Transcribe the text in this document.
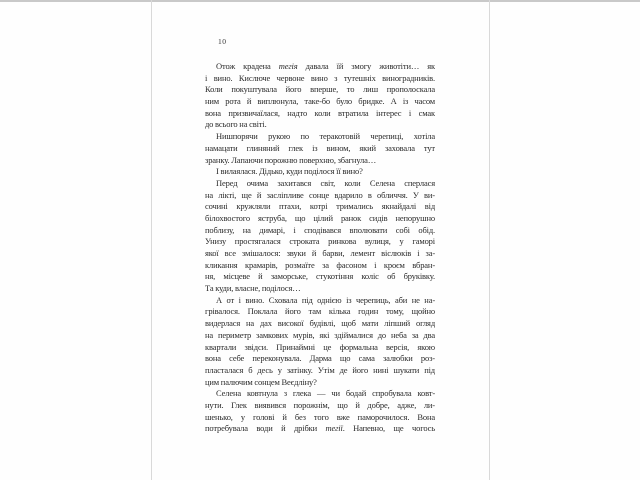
10
Отож крадена тегія давала їй змогу животіти… як
і вино. Кислюче червоне вино з тутешніх виноградників.
Коли покуштувала його вперше, то лиш прополоскала
ним рота й виплюнула, таке-бо було бридке. А із часом
вона призвичаїлася, надто коли втратила інтерес і смак
до всього на світі.
Нишпорячи рукою по теракотовій черепиці, хотіла
намацати глиняний глек із вином, який заховала тут
зранку. Лапаючи порожню поверхню, збагнула…
І вилаялася. Дідько, куди поділося її вино?
Перед очима захитався світ, коли Селена сперлася
на лікті, ще й засліпливе сонце вдарило в обличчя. У ви-
сочині кружляли птахи, котрі тримались якнайдалі від
білохвостого яструба, що цілий ранок сидів непорушно
поблизу, на димарі, і сподівався вполювати собі обід.
Унизу простягалася строката ринкова вулиця, у гаморі
якої все змішалося: звуки й барви, лемент віслюків і за-
кликання крамарів, розмаїте за фасоном і кроєм вбран-
ня, місцеве й заморське, стукотіння коліс об бруківку.
Та куди, власне, поділося…
А от і вино. Сховала під однією із черепиць, аби не на-
грівалося. Поклала його там кілька годин тому, щойно
видерлася на дах високої будівлі, щоб мати ліпший огляд
на периметр замкових мурів, які здіймалися до неба за два
квартали звідси. Принаймні це формальна версія, якою
вона себе переконувала. Дарма що сама залюбки роз-
пласталася б десь у затінку. Утім де його нині шукати під
цим палючим сонцем Веєдліну?
Селена ковтнула з глека — чи бодай спробувала ковт-
нути. Глек виявився порожнім, що й добре, адже, ли-
шенько, у голові й без того вже паморочилося. Вона
потребувала води й дрібки тегії. Напевно, ще чогось
